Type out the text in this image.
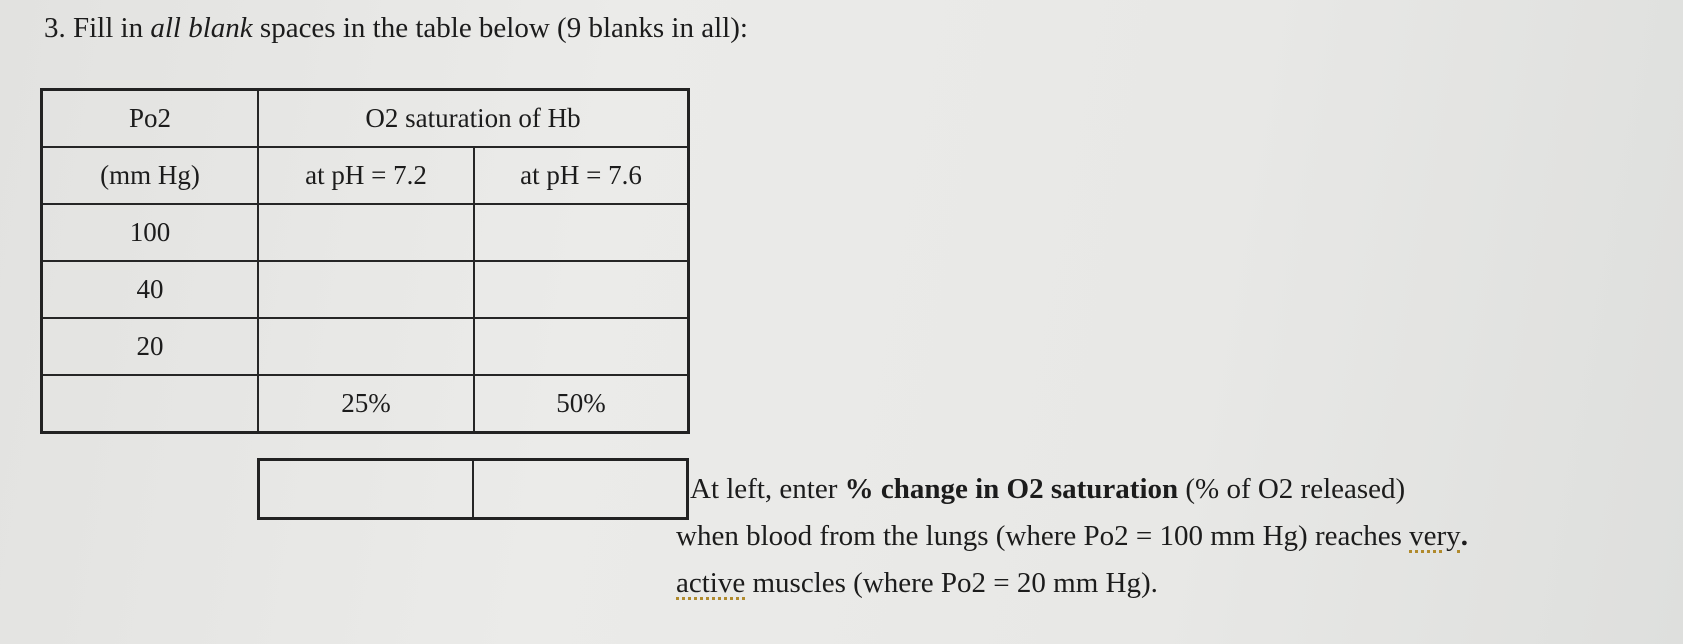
3. Fill in all blank spaces in the table below (9 blanks in all):
Po2	O2 saturation of Hb	
(mm Hg)	at pH = 7.2	at pH = 7.6
100		
40		
20		
	25%	50%

At left, enter % change in O2 saturation (% of O2 released)
when blood from the lungs (where Po2 = 100 mm Hg) reaches very.
active muscles (where Po2 = 20 mm Hg).
